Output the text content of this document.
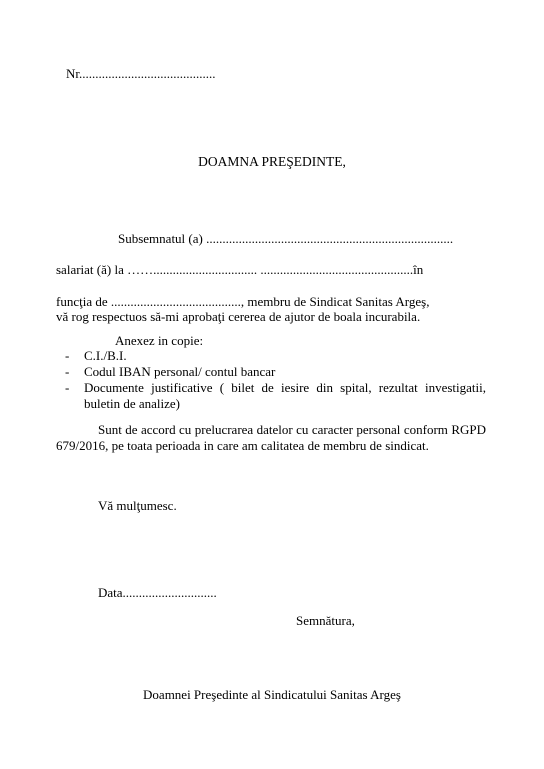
Nr..........................................
DOAMNA PREŞEDINTE,
Subsemnatul (a) ............................................................................
salariat (ă) la ……................................ ...............................................în
funcţia de ........................................, membru de Sindicat Sanitas Argeş,
vă rog respectuos să-mi aprobaţi cererea de ajutor de boala incurabila.
Anexez in copie:
- C.I./B.I.
- Codul IBAN personal/ contul bancar
- Documente justificative ( bilet de iesire din spital, rezultat investigatii, buletin de analize)
Sunt de accord cu prelucrarea datelor cu caracter personal conform RGPD 679/2016, pe toata perioada in care am calitatea de membru de sindicat.
Vă mulţumesc.
Data.............................
Semnătura,
Doamnei Preşedinte al Sindicatului Sanitas Argeş
